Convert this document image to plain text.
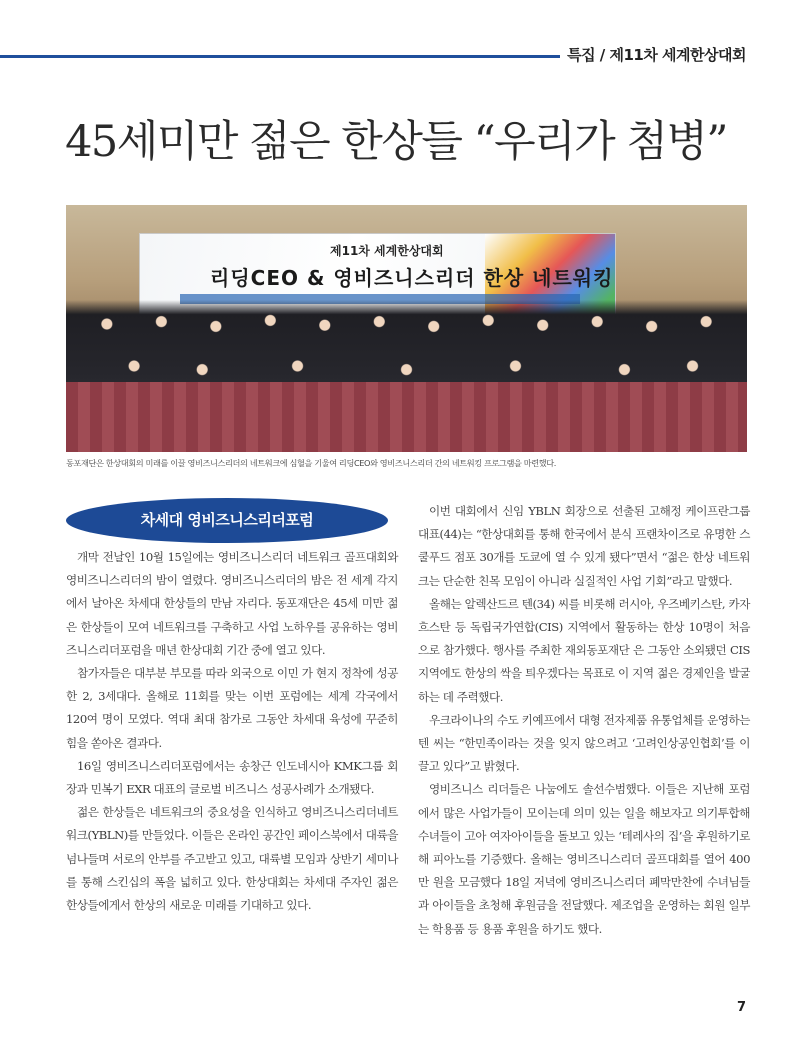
특집 / 제11차 세계한상대회
45세미만 젊은 한상들 “우리가 첨병”
제11차 세계한상대회
리딩CEO & 영비즈니스리더 한상 네트워킹
동포재단은 한상대회의 미래를 이끌 영비즈니스리더의 네트워크에 심혈을 기울여 리딩CEO와 영비즈니스리더 간의 네트워킹 프로그램을 마련했다.
차세대 영비즈니스리더포럼

개막 전날인 10월 15일에는 영비즈니스리더 네트워크 골프대회와 영비즈니스리더의 밤이 열렸다. 영비즈니스리더의 밤은 전 세계 각지에서 날아온 차세대 한상들의 만남 자리다. 동포재단은 45세 미만 젊은 한상들이 모여 네트워크를 구축하고 사업 노하우를 공유하는 영비즈니스리더포럼을 매년 한상대회 기간 중에 열고 있다.

참가자들은 대부분 부모를 따라 외국으로 이민 가 현지 정착에 성공한 2, 3세대다. 올해로 11회를 맞는 이번 포럼에는 세계 각국에서 120여 명이 모였다. 역대 최대 참가로 그동안 차세대 육성에 꾸준히 힘을 쏟아온 결과다.

16일 영비즈니스리더포럼에서는 송창근 인도네시아 KMK그룹 회장과 민복기 EXR 대표의 글로벌 비즈니스 성공사례가 소개됐다.

젊은 한상들은 네트워크의 중요성을 인식하고 영비즈니스리더네트워크(YBLN)를 만들었다. 이들은 온라인 공간인 페이스북에서 대륙을 넘나들며 서로의 안부를 주고받고 있고, 대륙별 모임과 상반기 세미나를 통해 스킨십의 폭을 넓히고 있다. 한상대회는 차세대 주자인 젊은 한상들에게서 한상의 새로운 미래를 기대하고 있다.

이번 대회에서 신임 YBLN 회장으로 선출된 고해정 케이프란그룹 대표(44)는 “한상대회를 통해 한국에서 분식 프랜차이즈로 유명한 스쿨푸드 점포 30개를 도쿄에 열 수 있게 됐다”면서 “젊은 한상 네트워크는 단순한 친목 모임이 아니라 실질적인 사업 기회”라고 말했다.

올해는 알렉산드르 텐(34) 씨를 비롯해 러시아, 우즈베키스탄, 카자흐스탄 등 독립국가연합(CIS) 지역에서 활동하는 한상 10명이 처음으로 참가했다. 행사를 주최한 재외동포재단 은 그동안 소외됐던 CIS 지역에도 한상의 싹을 틔우겠다는 목표로 이 지역 젊은 경제인을 발굴하는 데 주력했다.

우크라이나의 수도 키예프에서 대형 전자제품 유통업체를 운영하는 텐 씨는 “한민족이라는 것을 잊지 않으려고 ‘고려인상공인협회’를 이끌고 있다”고 밝혔다.

영비즈니스 리더들은 나눔에도 솔선수범했다. 이들은 지난해 포럼에서 많은 사업가들이 모이는데 의미 있는 일을 해보자고 의기투합해 수녀들이 고아 여자아이들을 돌보고 있는 ‘테레사의 집’을 후원하기로 해 피아노를 기증했다. 올해는 영비즈니스리더 골프대회를 열어 400만 원을 모금했다 18일 저녁에 영비즈니스리더 폐막만찬에 수녀님들과 아이들을 초청해 후원금을 전달했다. 제조업을 운영하는 회원 일부는 학용품 등 용품 후원을 하기도 했다.

7
